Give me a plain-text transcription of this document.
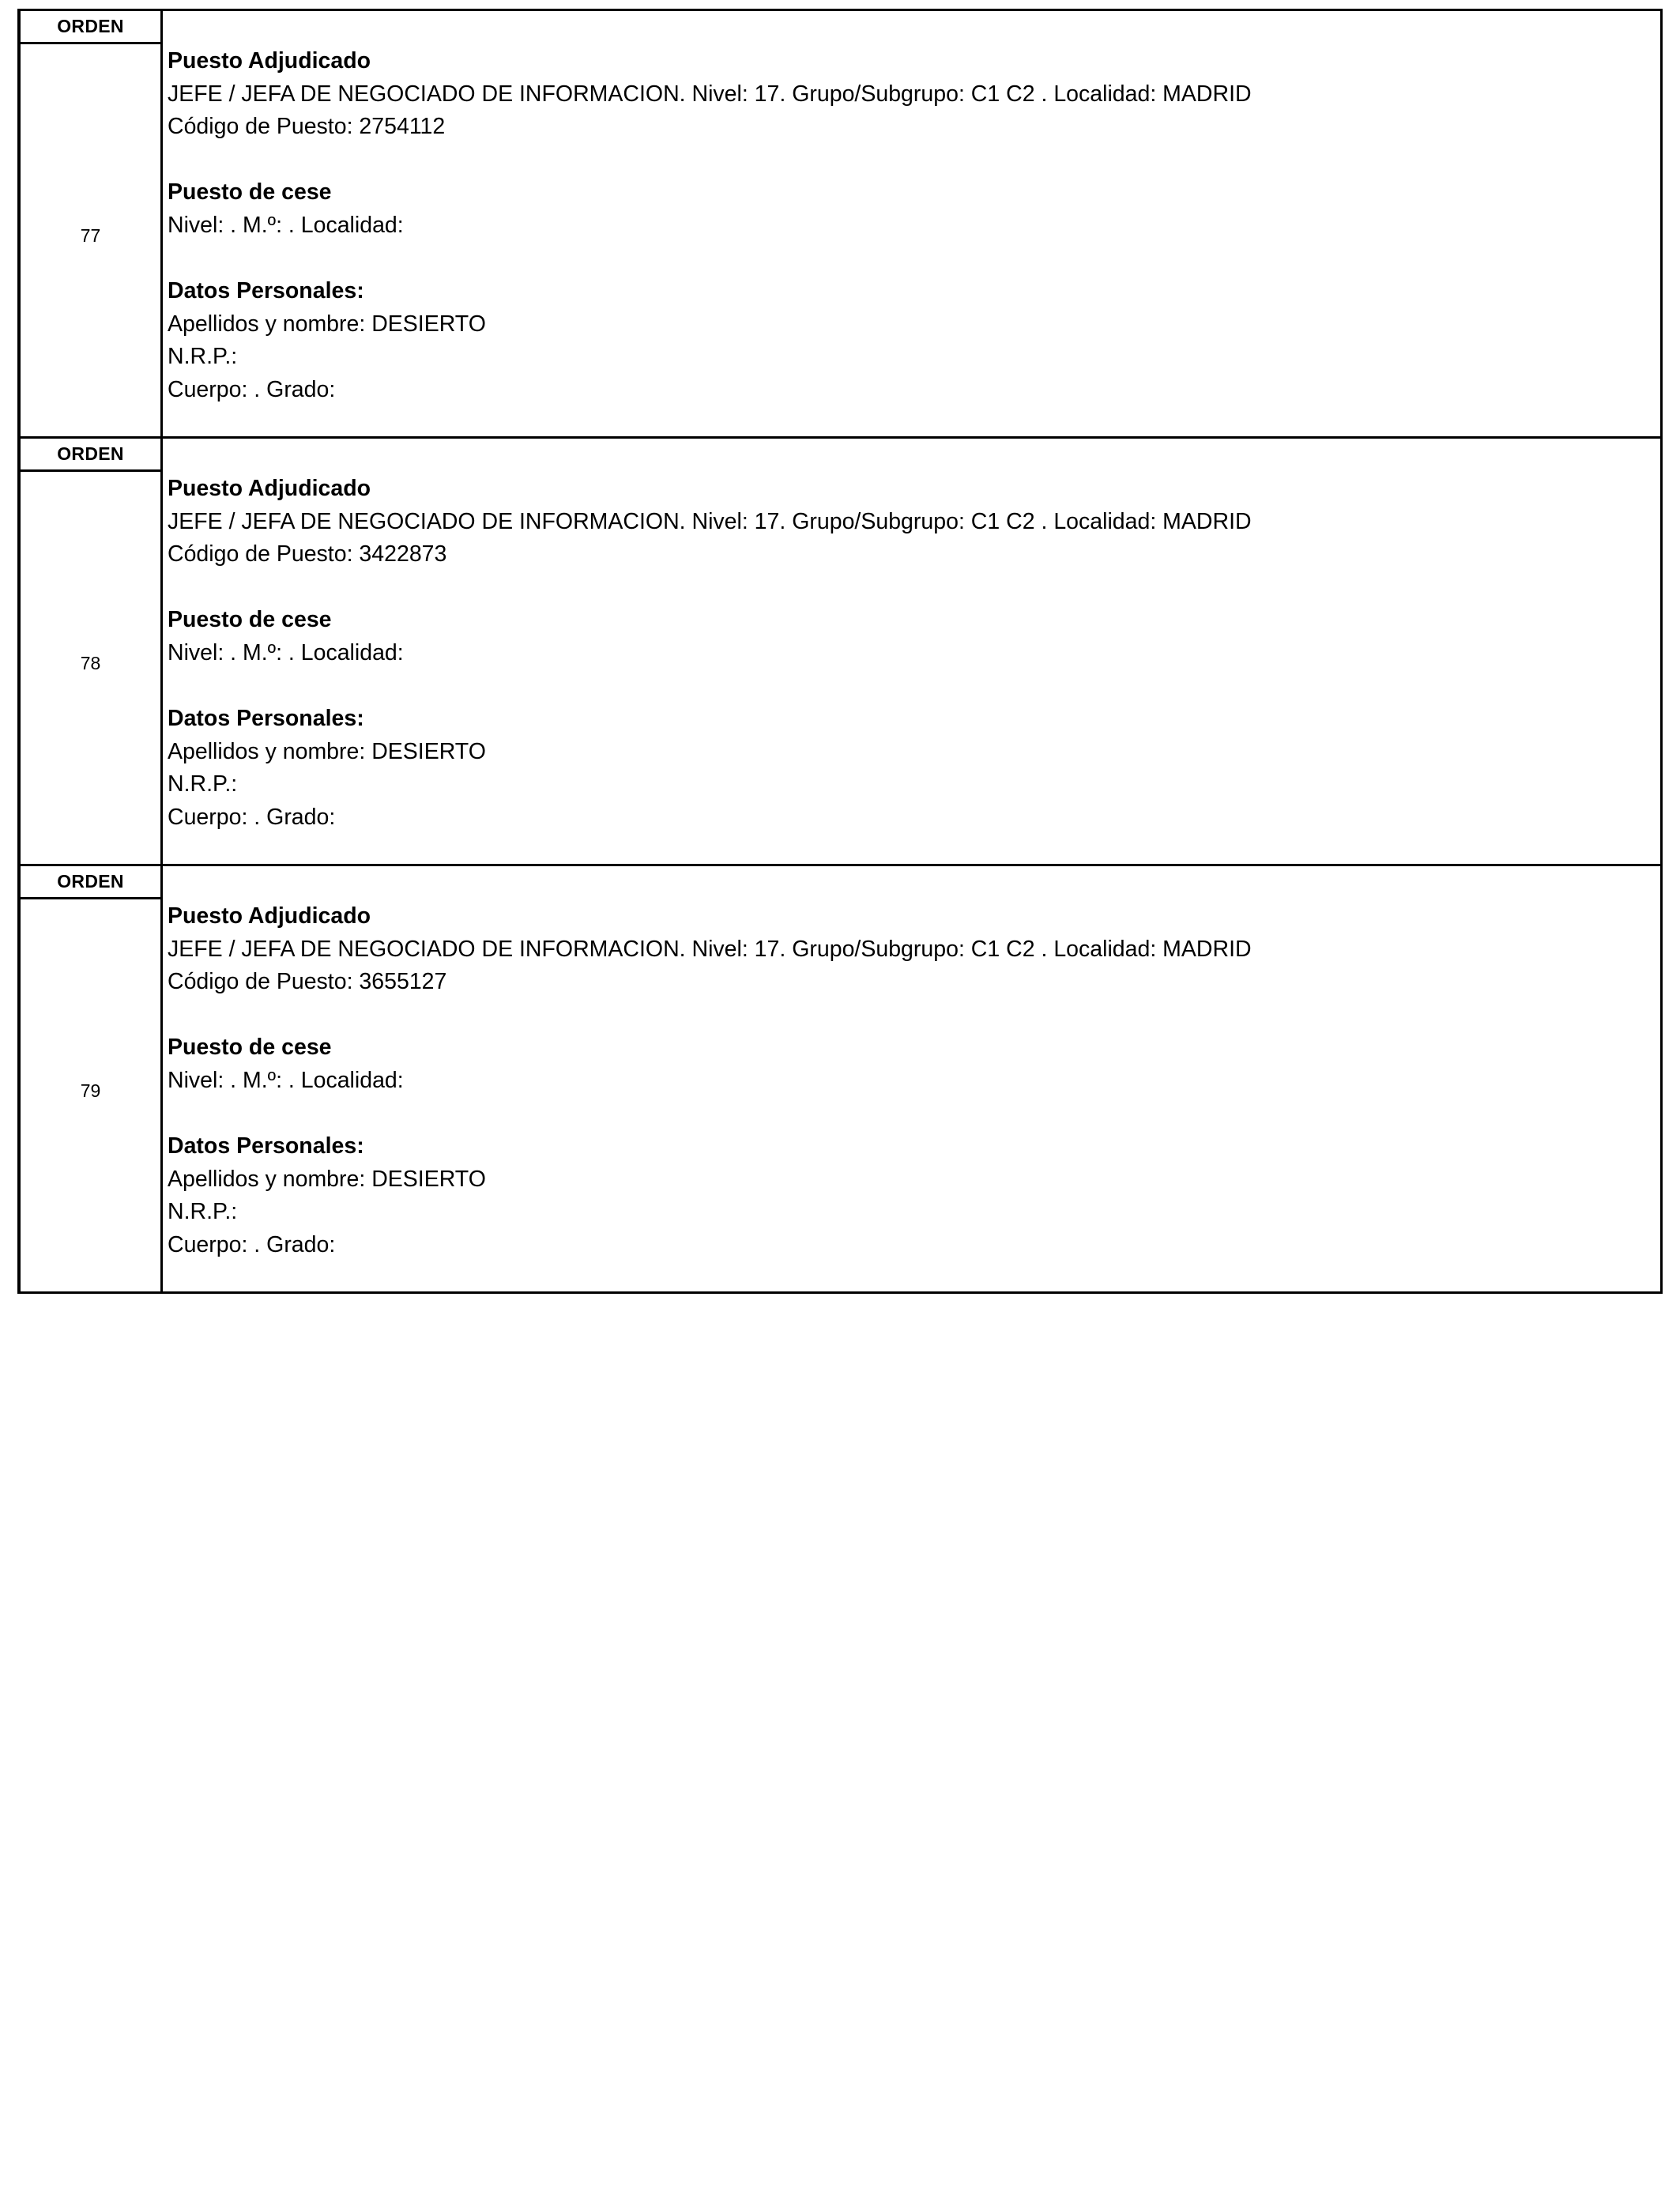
ORDEN
77
Puesto Adjudicado
JEFE / JEFA DE NEGOCIADO DE INFORMACION. Nivel: 17. Grupo/Subgrupo: C1 C2 . Localidad: MADRID
Código de Puesto: 2754112
Puesto de cese
Nivel: . M.º: . Localidad:
Datos Personales:
Apellidos y nombre: DESIERTO
N.R.P.:
Cuerpo: . Grado:
ORDEN
78
Puesto Adjudicado
JEFE / JEFA DE NEGOCIADO DE INFORMACION. Nivel: 17. Grupo/Subgrupo: C1 C2 . Localidad: MADRID
Código de Puesto: 3422873
Puesto de cese
Nivel: . M.º: . Localidad:
Datos Personales:
Apellidos y nombre: DESIERTO
N.R.P.:
Cuerpo: . Grado:
ORDEN
79
Puesto Adjudicado
JEFE / JEFA DE NEGOCIADO DE INFORMACION. Nivel: 17. Grupo/Subgrupo: C1 C2 . Localidad: MADRID
Código de Puesto: 3655127
Puesto de cese
Nivel: . M.º: . Localidad:
Datos Personales:
Apellidos y nombre: DESIERTO
N.R.P.:
Cuerpo: . Grado:
